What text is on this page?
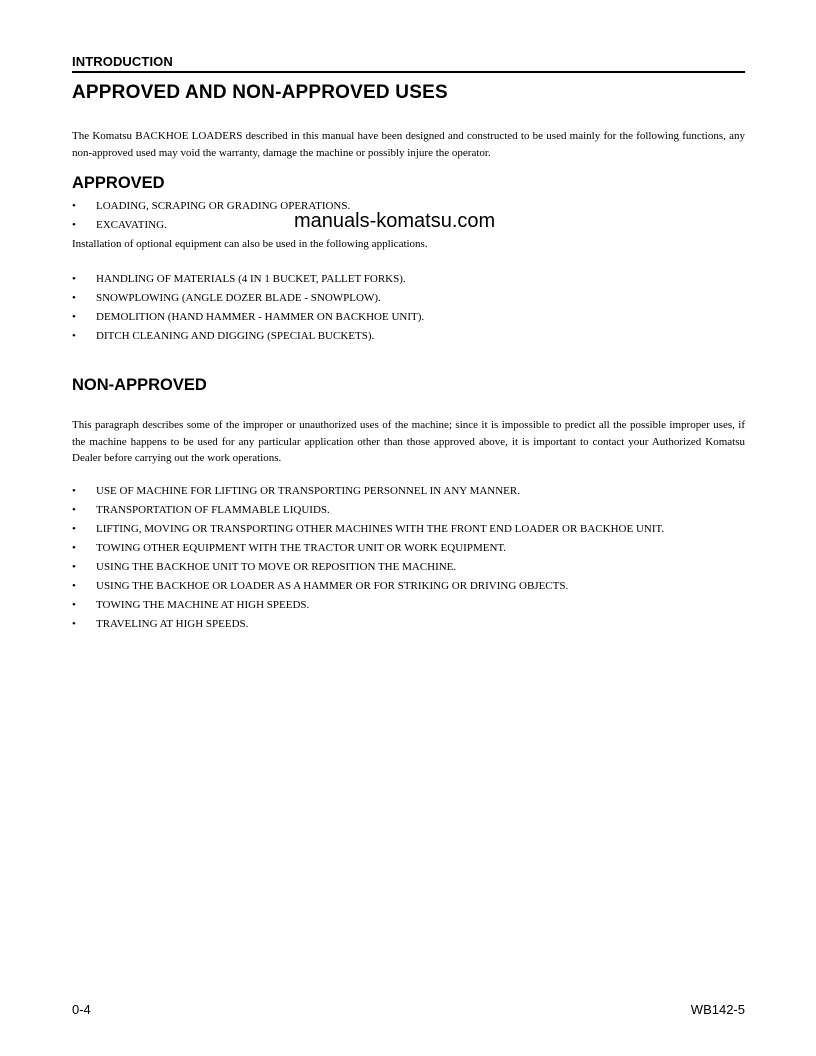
INTRODUCTION
APPROVED AND NON-APPROVED USES

The Komatsu BACKHOE LOADERS described in this manual have been designed and constructed to be used mainly for the following functions, any non-approved used may void the warranty, damage the machine or possibly injure the operator.

APPROVED
•	LOADING, SCRAPING OR GRADING OPERATIONS.
•	EXCAVATING.	manuals-komatsu.com

Installation of optional equipment can also be used in the following applications.

•	HANDLING OF MATERIALS (4 IN 1 BUCKET, PALLET FORKS).
•	SNOWPLOWING (ANGLE DOZER BLADE - SNOWPLOW).
•	DEMOLITION (HAND HAMMER - HAMMER ON BACKHOE UNIT).
•	DITCH CLEANING AND DIGGING (SPECIAL BUCKETS).
NON-APPROVED

This paragraph describes some of the improper or unauthorized uses of the machine; since it is impossible to predict all the possible improper uses, if the machine happens to be used for any particular application other than those approved above, it is important to contact your Authorized Komatsu Dealer before carrying out the work operations.

•	USE OF MACHINE FOR LIFTING OR TRANSPORTING PERSONNEL IN ANY MANNER.
•	TRANSPORTATION OF FLAMMABLE LIQUIDS.
•	LIFTING, MOVING OR TRANSPORTING OTHER MACHINES WITH THE FRONT END LOADER OR BACKHOE UNIT.
•	TOWING OTHER EQUIPMENT WITH THE TRACTOR UNIT OR WORK EQUIPMENT.
•	USING THE BACKHOE UNIT TO MOVE OR REPOSITION THE MACHINE.
•	USING THE BACKHOE OR LOADER AS A HAMMER OR FOR STRIKING OR DRIVING OBJECTS.
•	TOWING THE MACHINE AT HIGH SPEEDS.
•	TRAVELING AT HIGH SPEEDS.
0-4	WB142-5
